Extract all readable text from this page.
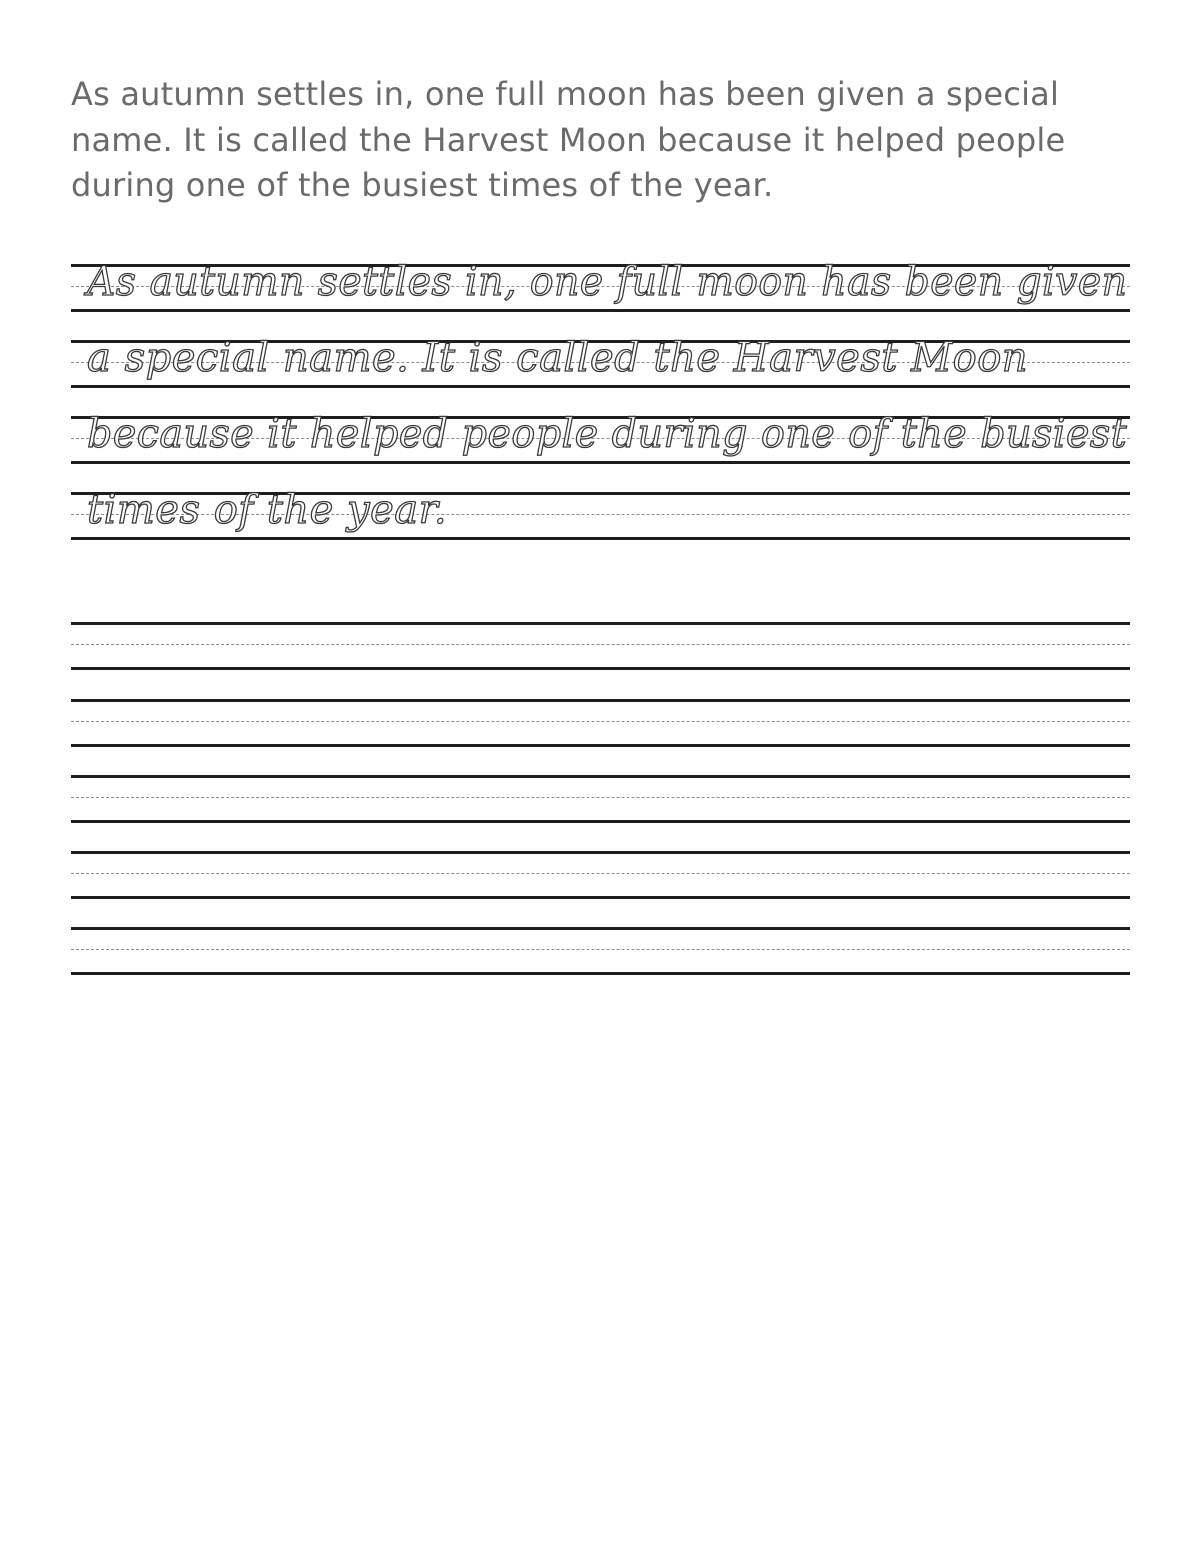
As autumn settles in, one full moon has been given a special
name. It is called the Harvest Moon because it helped people
during one of the busiest times of the year.
As autumn settles in, one full moon has been given
a special name. It is called the Harvest Moon
because it helped people during one of the busiest
times of the year.
